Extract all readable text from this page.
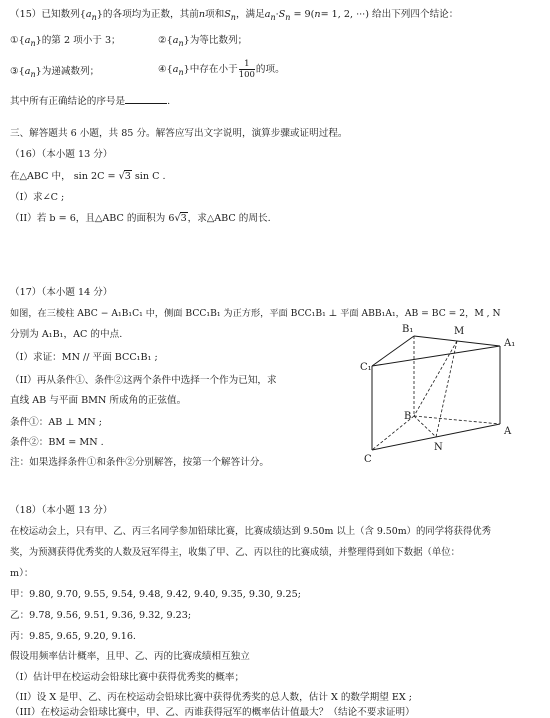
（15）已知数列$\{a_n\}$的各项均为正数，其前n项和$S_n$，满足$a_n\cdot S_n = 9(n= 1$, 2, ···) 给出下列四个结论：
$①\{a_n\}$的第 2 项小于 3；	$②\{a_n\}$为等比数列；
$③\{a_n\}$为递减数列；	$④\{a_n\}$中存在小于 $\frac{1}{100}$ 的项。
其中所有正确结论的序号是	.
三、解答题共 6 小题，共 85 分。解答应写出文字说明，演算步骤或证明过程。
（16）（本小题 13 分）
在△ABC 中， sin 2C = √3 sin C .
（I）求∠C ;
（II）若 b = 6，且△ABC 的面积为 6√3，求△ABC 的周长.
（17）（本小题 14 分）
如图，在三棱柱 ABC − A₁B₁C₁ 中，侧面 BCC₁B₁ 为正方形，平面 BCC₁B₁ ⊥ 平面 ABB₁A₁，AB = BC = 2，M , N
分别为 A₁B₁，AC 的中点.
（I）求证：MN // 平面 BCC₁B₁ ;
（II）再从条件①、条件②这两个条件中选择一个作为已知，求
直线 AB 与平面 BMN 所成角的正弦值。
条件①：AB ⊥ MN ;
条件②：BM = MN .
注：如果选择条件①和条件②分别解答，按第一个解答计分。
B₁	M
A₁
C₁
B
A
N
C
（18）（本小题 13 分）
在校运动会上，只有甲、乙、丙三名同学参加铅球比赛，比赛成绩达到 9.50m 以上（含 9.50m）的同学将获得优秀
奖，为预测获得优秀奖的人数及冠军得主，收集了甲、乙、丙以往的比赛成绩，并整理得到如下数据（单位：
m）：
甲：9.80, 9.70, 9.55, 9.54, 9.48, 9.42, 9.40, 9.35, 9.30, 9.25;
乙：9.78, 9.56, 9.51, 9.36, 9.32, 9.23;
丙：9.85, 9.65, 9.20, 9.16.
假设用频率估计概率，且甲、乙、丙的比赛成绩相互独立
（I）估计甲在校运动会铅球比赛中获得优秀奖的概率；
（II）设 X 是甲、乙、丙在校运动会铅球比赛中获得优秀奖的总人数，估计 X 的数学期望 EX ;
（III）在校运动会铅球比赛中，甲、乙、丙谁获得冠军的概率估计值最大？（结论不要求证明）
